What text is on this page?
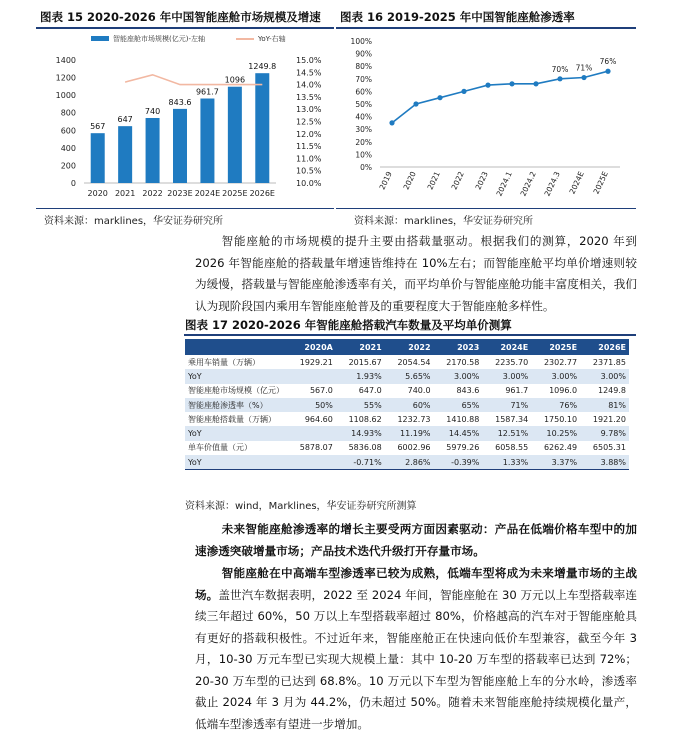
图表 15 2020-2026 年中国智能座舱市场规模及增速
智能座舱市场规模(亿元)-左轴	YoY-右轴
0
200
400
600
800
1000
1200
1400
10.0%
10.5%
11.0%
11.5%
12.0%
12.5%
13.0%
13.5%
14.0%
14.5%
15.0%
567
2020
647
2021
740
2022
843.6
2023E
961.7
2024E
1096
2025E
1249.8
2026E
资料来源：marklines，华安证券研究所
图表 16 2019-2025 年中国智能座舱渗透率
0%
10%
20%
30%
40%
50%
60%
70%
80%
90%
100%
2019 2020 2021 2022 2023 2024.1 2024.2
70%
2024.3
71%
2024E
76%
2025E
资料来源：marklines，华安证券研究所

智能座舱的市场规模的提升主要由搭载量驱动。根据我们的测算，2020 年到 2026 年智能座舱的搭载量年增速皆维持在 10%左右；而智能座舱平均单价增速则较为缓慢，搭载量与智能座舱渗透率有关，而平均单价与智能座舱功能丰富度相关，我们认为现阶段国内乘用车智能座舱普及的重要程度大于智能座舱多样性。

图表 17 2020-2026 年智能座舱搭载汽车数量及平均单价测算
	2020A	2021	2022	2023	2024E	2025E	2026E
乘用车销量（万辆）	1929.21	2015.67	2054.54	2170.58	2235.70	2302.77	2371.85
YoY		1.93%	5.65%	3.00%	3.00%	3.00%	3.00%
智能座舱市场规模（亿元）	567.0	647.0	740.0	843.6	961.7	1096.0	1249.8
智能座舱渗透率（%）	50%	55%	60%	65%	71%	76%	81%
智能座舱搭载量（万辆）	964.60	1108.62	1232.73	1410.88	1587.34	1750.10	1921.20
YoY		14.93%	11.19%	14.45%	12.51%	10.25%	9.78%
单车价值量（元）	5878.07	5836.08	6002.96	5979.26	6058.55	6262.49	6505.31
YoY		-0.71%	2.86%	-0.39%	1.33%	3.37%	3.88%
资料来源：wind，Marklines，华安证券研究所测算

未来智能座舱渗透率的增长主要受两方面因素驱动：产品在低端价格车型中的加速渗透突破增量市场；产品技术迭代升级打开存量市场。

智能座舱在中高端车型渗透率已较为成熟，低端车型将成为未来增量市场的主战场。盖世汽车数据表明，2022 至 2024 年间，智能座舱在 30 万元以上车型搭载率连续三年超过 60%，50 万以上车型搭载率超过 80%，价格越高的汽车对于智能座舱具有更好的搭载积极性。不过近年来，智能座舱正在快速向低价车型兼容，截至今年 3 月，10-30 万元车型已实现大规模上量：其中 10-20 万车型的搭载率已达到 72%；20-30 万车型的已达到 68.8%。10 万元以下车型为智能座舱上车的分水岭，渗透率截止 2024 年 3 月为 44.2%，仍未超过 50%。随着未来智能座舱持续规模化量产，低端车型渗透率有望进一步增加。
